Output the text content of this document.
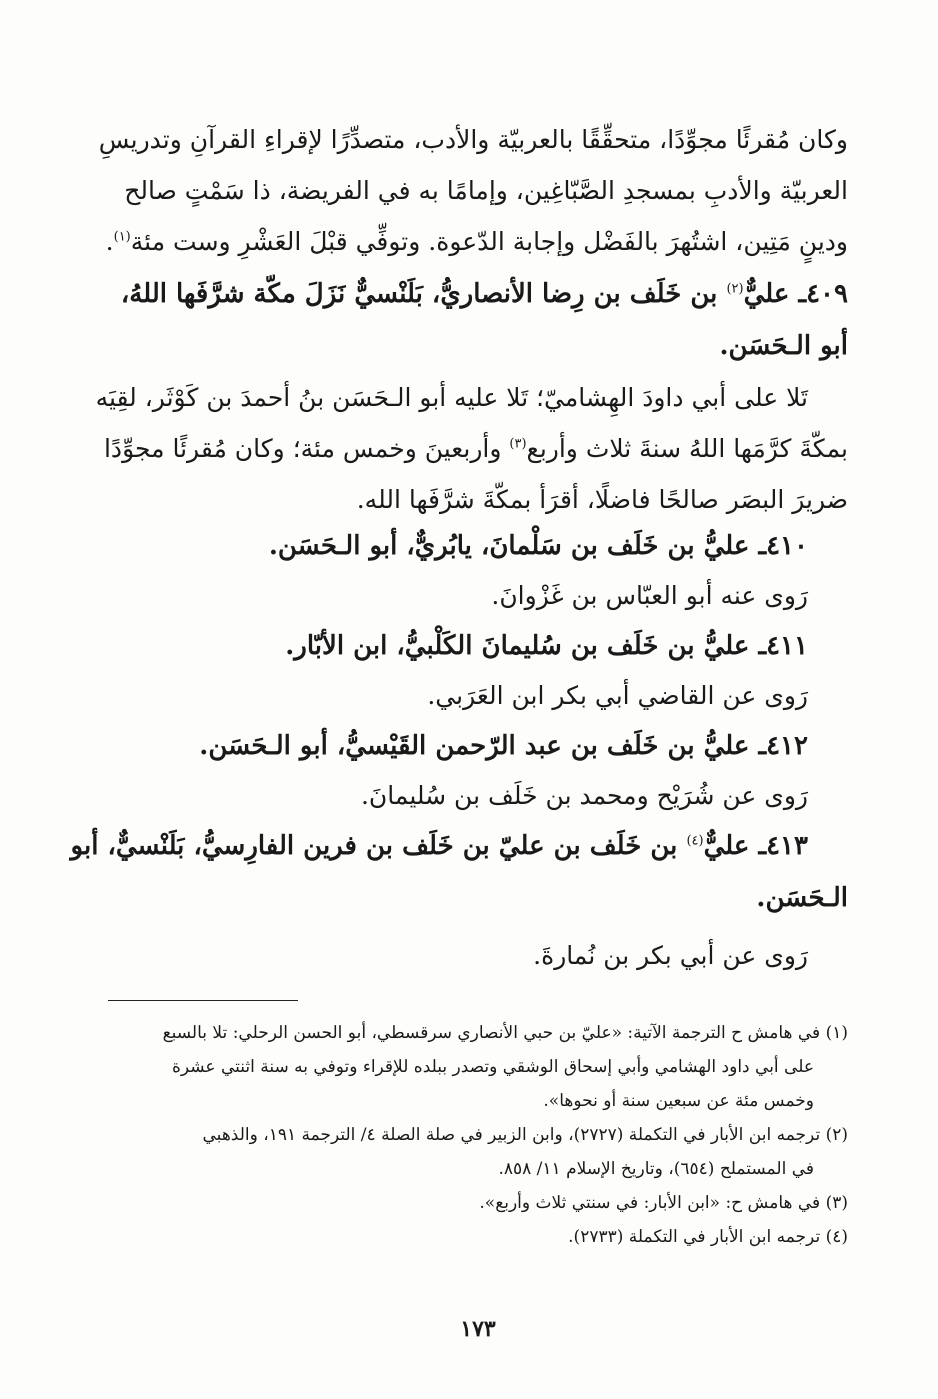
وكان مُقرئًا مجوِّدًا، متحقِّقًا بالعربيّة والأدب، متصدِّرًا لإقراءِ القرآنِ وتدريسِ
العربيّة والأدبِ بمسجدِ الصَّبّاغِين، وإمامًا به في الفريضة، ذا سَمْتٍ صالح
ودينٍ مَتِين، اشتُهرَ بالفَضْل وإجابة الدّعوة. وتوفِّي قبْلَ العَشْرِ وست مئة$^{(١)}$.
٤٠٩ـ عليٌّ$^{(٢)}$ بن خَلَف بن رِضا الأنصاريُّ، بَلَنْسيٌّ نَزَلَ مكّة شرَّفَها اللهُ،
أبو الـحَسَن.
تَلا على أبي داودَ الهِشاميّ؛ تَلا عليه أبو الـحَسَن بنُ أحمدَ بن كَوْثَر، لقِيَه
بمكّةَ كرَّمَها اللهُ سنةَ ثلاث وأربع$^{(٣)}$ وأربعينَ وخمس مئة؛ وكان مُقرئًا مجوِّدًا
ضريرَ البصَر صالحًا فاضلًا، أقرَأ بمكّةَ شرَّفَها الله.
٤١٠ـ عليُّ بن خَلَف بن سَلْمانَ، يابُريٌّ، أبو الـحَسَن.
رَوى عنه أبو العبّاس بن غَزْوانَ.
٤١١ـ عليُّ بن خَلَف بن سُليمانَ الكَلْبيُّ، ابن الأبّار.
رَوى عن القاضي أبي بكر ابن العَرَبي.
٤١٢ـ عليُّ بن خَلَف بن عبد الرّحمن القَيْسيُّ، أبو الـحَسَن.
رَوى عن شُرَيْح ومحمد بن خَلَف بن سُليمانَ.
٤١٣ـ عليٌّ$^{(٤)}$ بن خَلَف بن عليّ بن خَلَف بن فرين الفارِسيُّ، بَلَنْسيٌّ، أبو
الـحَسَن.
رَوى عن أبي بكر بن نُمارةَ.
(١) في هامش ح الترجمة الآتية: «عليّ بن حبي الأنصاري سرقسطي، أبو الحسن الرحلي: تلا بالسبع
على أبي داود الهشامي وأبي إسحاق الوشقي وتصدر ببلده للإقراء وتوفي به سنة اثنتي عشرة
وخمس مئة عن سبعين سنة أو نحوها».
(٢) ترجمه ابن الأبار في التكملة (٢٧٢٧)، وابن الزبير في صلة الصلة ٤/ الترجمة ١٩١، والذهبي
في المستملح (٦٥٤)، وتاريخ الإسلام ١١/ ٨٥٨.
(٣) في هامش ح: «ابن الأبار: في سنتي ثلاث وأربع».
(٤) ترجمه ابن الأبار في التكملة (٢٧٣٣).
١٧٣
